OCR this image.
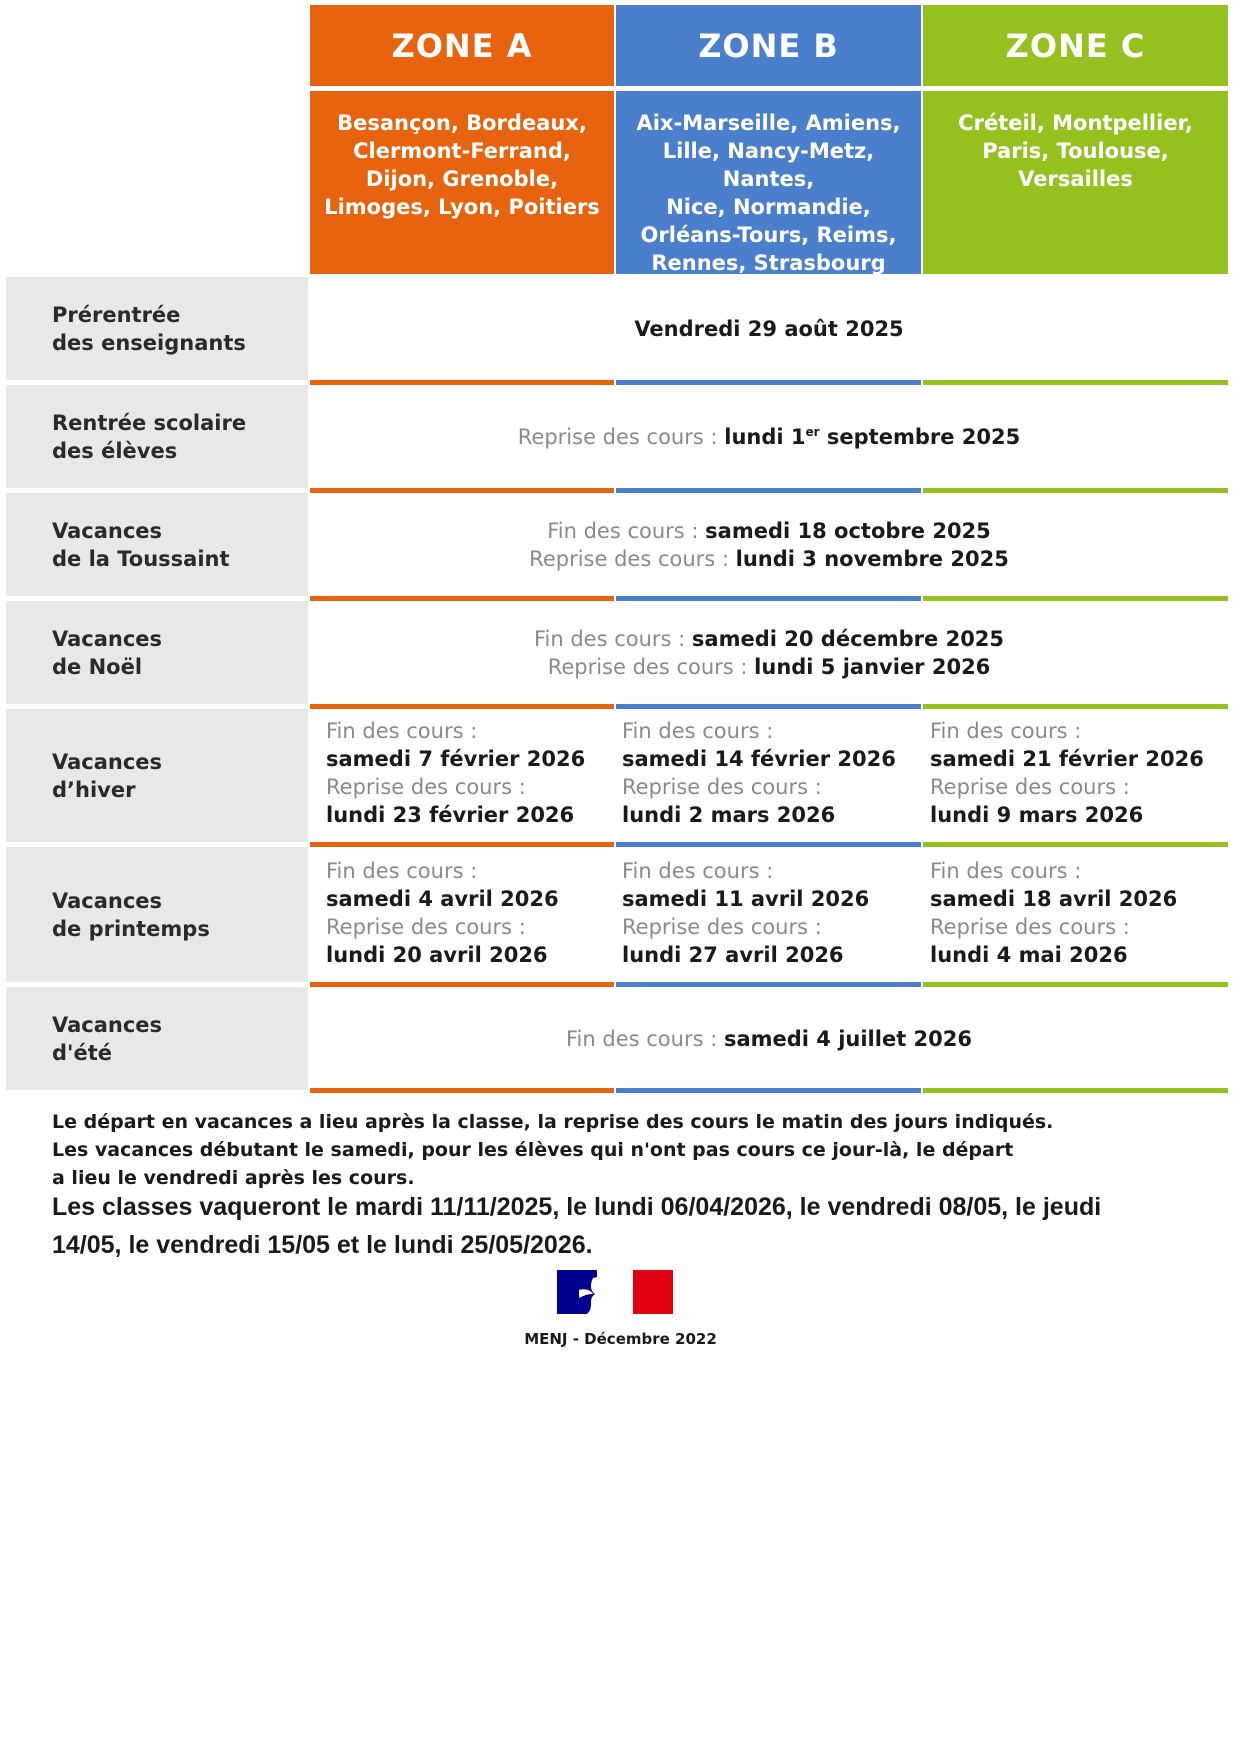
ZONE A	ZONE B	ZONE C
Besançon, Bordeaux,
Clermont-Ferrand,
Dijon, Grenoble,
Limoges, Lyon, Poitiers
Aix-Marseille, Amiens,
Lille, Nancy-Metz, Nantes,
Nice, Normandie,
Orléans-Tours, Reims,
Rennes, Strasbourg
Créteil, Montpellier,
Paris, Toulouse,
Versailles
Prérentrée
des enseignants
Vendredi 29 août 2025
Rentrée scolaire
des élèves
Reprise des cours : lundi 1er septembre 2025
Vacances
de la Toussaint
Fin des cours : samedi 18 octobre 2025
Reprise des cours : lundi 3 novembre 2025
Vacances
de Noël
Fin des cours : samedi 20 décembre 2025
Reprise des cours : lundi 5 janvier 2026
Vacances
d’hiver
Fin des cours :
samedi 7 février 2026
Reprise des cours :
lundi 23 février 2026
Fin des cours :
samedi 14 février 2026
Reprise des cours :
lundi 2 mars 2026
Fin des cours :
samedi 21 février 2026
Reprise des cours :
lundi 9 mars 2026
Vacances
de printemps
Fin des cours :
samedi 4 avril 2026
Reprise des cours :
lundi 20 avril 2026
Fin des cours :
samedi 11 avril 2026
Reprise des cours :
lundi 27 avril 2026
Fin des cours :
samedi 18 avril 2026
Reprise des cours :
lundi 4 mai 2026
Vacances
d'été
Fin des cours : samedi 4 juillet 2026
Le départ en vacances a lieu après la classe, la reprise des cours le matin des jours indiqués.
Les vacances débutant le samedi, pour les élèves qui n'ont pas cours ce jour-là, le départ
a lieu le vendredi après les cours.
Les classes vaqueront le mardi 11/11/2025, le lundi 06/04/2026, le vendredi 08/05, le jeudi
14/05, le vendredi 15/05 et le lundi 25/05/2026.
MENJ - Décembre 2022
